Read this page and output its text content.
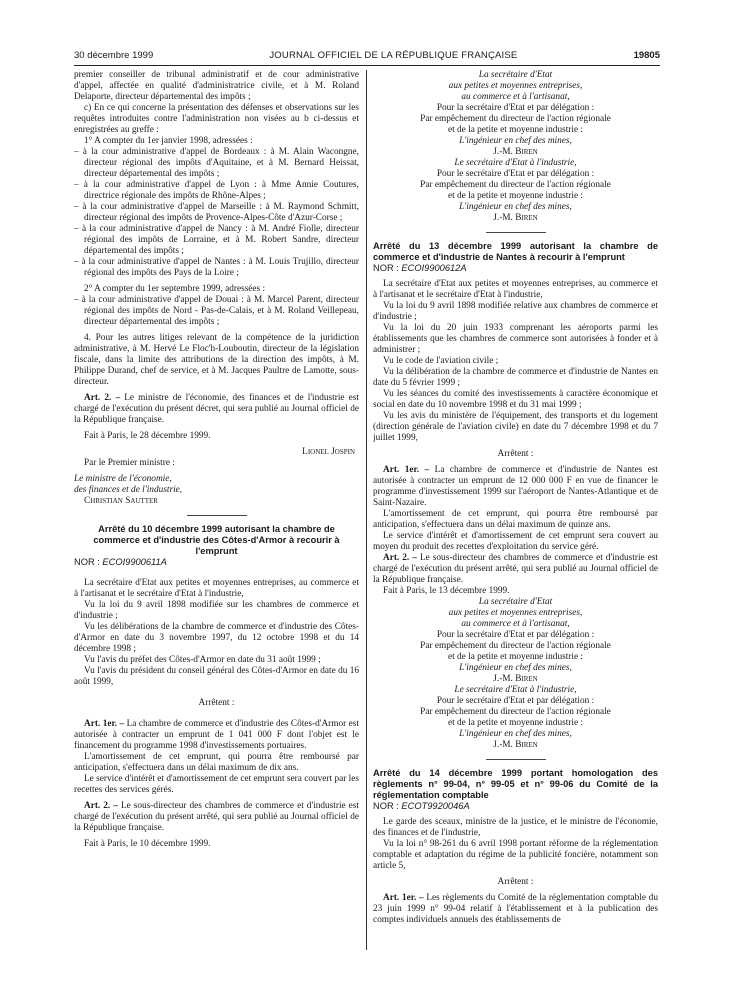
30 décembre 1999	JOURNAL OFFICIEL DE LA RÉPUBLIQUE FRANÇAISE	19805

premier conseiller de tribunal administratif et de cour administrative d'appel, affectée en qualité d'administratrice civile, et à M. Roland Delaporte, directeur départemental des impôts ;

c) En ce qui concerne la présentation des défenses et observations sur les requêtes introduites contre l'administration non visées au b ci-dessus et enregistrées au greffe :

1° A compter du 1er janvier 1998, adressées :

– à la cour administrative d'appel de Bordeaux : à M. Alain Wacongne, directeur régional des impôts d'Aquitaine, et à M. Bernard Heissat, directeur départemental des impôts ;

– à la cour administrative d'appel de Lyon : à Mme Annie Coutures, directrice régionale des impôts de Rhône-Alpes ;

– à la cour administrative d'appel de Marseille : à M. Raymond Schmitt, directeur régional des impôts de Provence-Alpes-Côte d'Azur-Corse ;

– à la cour administrative d'appel de Nancy : à M. André Fiolle, directeur régional des impôts de Lorraine, et à M. Robert Sandre, directeur départemental des impôts ;

– à la cour administrative d'appel de Nantes : à M. Louis Trujillo, directeur régional des impôts des Pays de la Loire ;

2° A compter du 1er septembre 1999, adressées :

– à la cour administrative d'appel de Douai : à M. Marcel Parent, directeur régional des impôts de Nord - Pas-de-Calais, et à M. Roland Veillepeau, directeur départemental des impôts ;

4. Pour les autres litiges relevant de la compétence de la juridiction administrative, à M. Hervé Le Floc'h-Louboutin, directeur de la législation fiscale, dans la limite des attributions de la direction des impôts, à M. Philippe Durand, chef de service, et à M. Jacques Paultre de Lamotte, sous-directeur.

Art. 2. – Le ministre de l'économie, des finances et de l'industrie est chargé de l'exécution du présent décret, qui sera publié au Journal officiel de la République française.

Fait à Paris, le 28 décembre 1999.

Lionel Jospin

Par le Premier ministre :

Le ministre de l'économie,

des finances et de l'industrie,

Christian Sautter

Arrêté du 10 décembre 1999 autorisant la chambre de commerce et d'industrie des Côtes-d'Armor à recourir à l'emprunt

NOR : ECOI9900611A

La secrétaire d'Etat aux petites et moyennes entreprises, au commerce et à l'artisanat et le secrétaire d'Etat à l'industrie,

Vu la loi du 9 avril 1898 modifiée sur les chambres de commerce et d'industrie ;

Vu les délibérations de la chambre de commerce et d'industrie des Côtes-d'Armor en date du 3 novembre 1997, du 12 octobre 1998 et du 14 décembre 1998 ;

Vu l'avis du préfet des Côtes-d'Armor en date du 31 août 1999 ;

Vu l'avis du président du conseil général des Côtes-d'Armor en date du 16 août 1999,

Arrêtent :

Art. 1er. – La chambre de commerce et d'industrie des Côtes-d'Armor est autorisée à contracter un emprunt de 1 041 000 F dont l'objet est le financement du programme 1998 d'investissements portuaires.

L'amortissement de cet emprunt, qui pourra être remboursé par anticipation, s'effectuera dans un délai maximum de dix ans.

Le service d'intérêt et d'amortissement de cet emprunt sera couvert par les recettes des services gérés.

Art. 2. – Le sous-directeur des chambres de commerce et d'industrie est chargé de l'exécution du présent arrêté, qui sera publié au Journal officiel de la République française.

Fait à Paris, le 10 décembre 1999.

La secrétaire d'Etat

aux petites et moyennes entreprises,

au commerce et à l'artisanat,

Pour la secrétaire d'Etat et par délégation :

Par empêchement du directeur de l'action régionale

et de la petite et moyenne industrie :

L'ingénieur en chef des mines,

J.-M. Biren

Le secrétaire d'Etat à l'industrie,

Pour le secrétaire d'Etat et par délégation :

Par empêchement du directeur de l'action régionale

et de la petite et moyenne industrie :

L'ingénieur en chef des mines,

J.-M. Biren

Arrêté du 13 décembre 1999 autorisant la chambre de commerce et d'industrie de Nantes à recourir à l'emprunt

NOR : ECOI9900612A

La secrétaire d'Etat aux petites et moyennes entreprises, au commerce et à l'artisanat et le secrétaire d'Etat à l'industrie,

Vu la loi du 9 avril 1898 modifiée relative aux chambres de commerce et d'industrie ;

Vu la loi du 20 juin 1933 comprenant les aéroports parmi les établissements que les chambres de commerce sont autorisées à fonder et à administrer ;

Vu le code de l'aviation civile ;

Vu la délibération de la chambre de commerce et d'industrie de Nantes en date du 5 février 1999 ;

Vu les séances du comité des investissements à caractère économique et social en date du 10 novembre 1998 et du 31 mai 1999 ;

Vu les avis du ministère de l'équipement, des transports et du logement (direction générale de l'aviation civile) en date du 7 décembre 1998 et du 7 juillet 1999,

Arrêtent :

Art. 1er. – La chambre de commerce et d'industrie de Nantes est autorisée à contracter un emprunt de 12 000 000 F en vue de financer le programme d'investissement 1999 sur l'aéroport de Nantes-Atlantique et de Saint-Nazaire.

L'amortissement de cet emprunt, qui pourra être remboursé par anticipation, s'effectuera dans un délai maximum de quinze ans.

Le service d'intérêt et d'amortissement de cet emprunt sera couvert au moyen du produit des recettes d'exploitation du service géré.

Art. 2. – Le sous-directeur des chambres de commerce et d'industrie est chargé de l'exécution du présent arrêté, qui sera publié au Journal officiel de la République française.

Fait à Paris, le 13 décembre 1999.

La secrétaire d'Etat

aux petites et moyennes entreprises,

au commerce et à l'artisanat,

Pour la secrétaire d'Etat et par délégation :

Par empêchement du directeur de l'action régionale

et de la petite et moyenne industrie :

L'ingénieur en chef des mines,

J.-M. Biren

Le secrétaire d'Etat à l'industrie,

Pour le secrétaire d'Etat et par délégation :

Par empêchement du directeur de l'action régionale

et de la petite et moyenne industrie :

L'ingénieur en chef des mines,

J.-M. Biren

Arrêté du 14 décembre 1999 portant homologation des règlements n° 99-04, n° 99-05 et n° 99-06 du Comité de la réglementation comptable

NOR : ECOT9920046A

Le garde des sceaux, ministre de la justice, et le ministre de l'économie, des finances et de l'industrie,

Vu la loi n° 98-261 du 6 avril 1998 portant réforme de la réglementation comptable et adaptation du régime de la publicité foncière, notamment son article 5,

Arrêtent :

Art. 1er. – Les règlements du Comité de la réglementation comptable du 23 juin 1999 n° 99-04 relatif à l'établissement et à la publication des comptes individuels annuels des établissements de
